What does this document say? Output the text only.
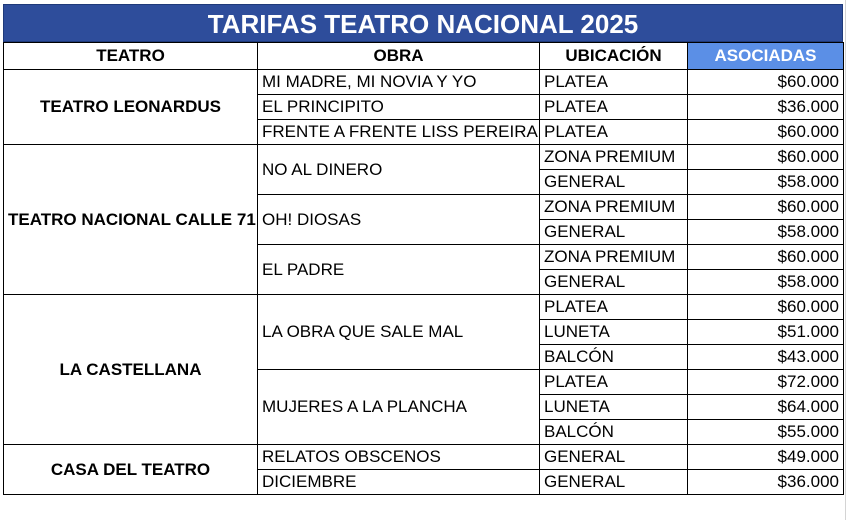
TARIFAS TEATRO NACIONAL 2025
TEATRO	OBRA	UBICACIÓN	ASOCIADAS
TEATRO LEONARDUS	MI MADRE, MI NOVIA Y YO	PLATEA	$60.000
	EL PRINCIPITO	PLATEA	$36.000
	FRENTE A FRENTE LISS PEREIRA	PLATEA	$60.000
TEATRO NACIONAL CALLE 71	NO AL DINERO	ZONA PREMIUM	$60.000
		GENERAL	$58.000
	OH! DIOSAS	ZONA PREMIUM	$60.000
		GENERAL	$58.000
	EL PADRE	ZONA PREMIUM	$60.000
		GENERAL	$58.000
LA CASTELLANA	LA OBRA QUE SALE MAL	PLATEA	$60.000
		LUNETA	$51.000
		BALCÓN	$43.000
	MUJERES A LA PLANCHA	PLATEA	$72.000
		LUNETA	$64.000
		BALCÓN	$55.000
CASA DEL TEATRO	RELATOS OBSCENOS	GENERAL	$49.000
	DICIEMBRE	GENERAL	$36.000
